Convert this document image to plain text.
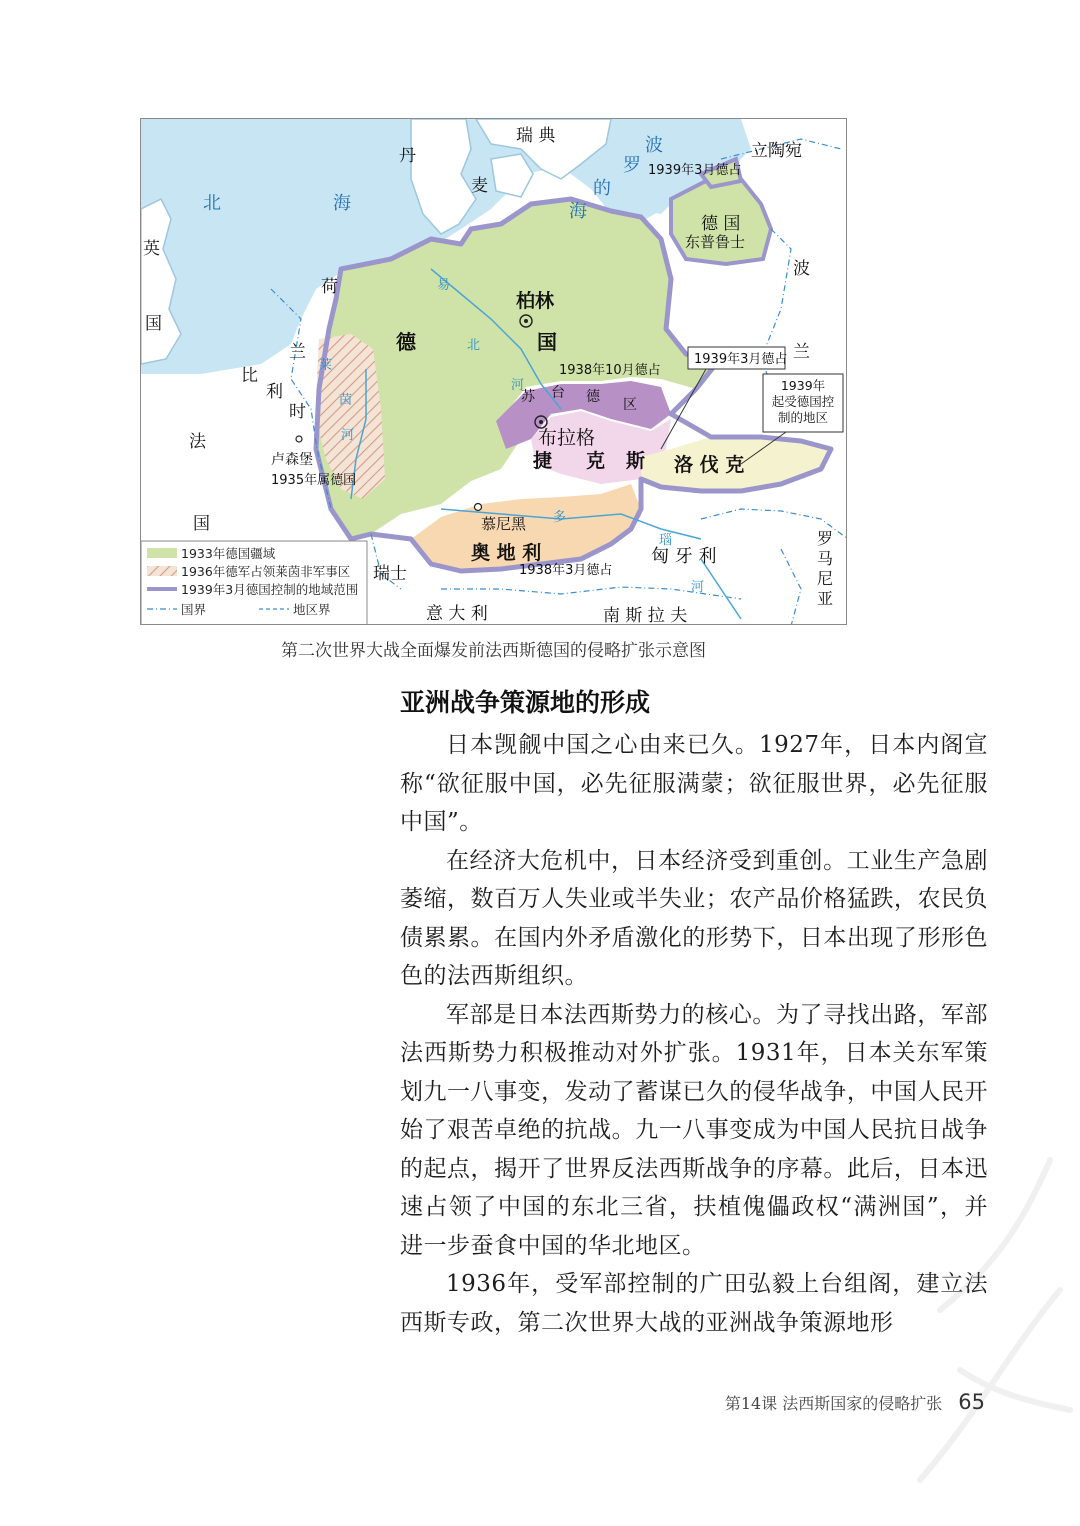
丹
麦
瑞 典
立陶宛
英
国
荷
兰
比
利
时
法
国
波
兰
德 国
东普鲁士
德	国
柏林
布拉格
捷 克 斯 洛 伐 克
奥 地 利	匈 牙 利
瑞士
意 大 利	南 斯 拉 夫
慕尼黑
卢森堡
1935年属德国
1938年10月德占
1938年3月德占
1939年3月德占
苏 台 德 区
罗
马
尼
亚
北	海
波
罗
的
海
易
北
河
莱
茵
河
多
瑙
河
1939年3月德占
1939年
起受德国控
制的地区
1933年德国疆域
1936年德军占领莱茵非军事区
1939年3月德国控制的地域范围
国界	地区界
第二次世界大战全面爆发前法西斯德国的侵略扩张示意图
亚洲战争策源地的形成

日本觊觎中国之心由来已久。1927年，日本内阁宣称“欲征服中国，必先征服满蒙；欲征服世界，必先征服中国”。

在经济大危机中，日本经济受到重创。工业生产急剧萎缩，数百万人失业或半失业；农产品价格猛跌，农民负债累累。在国内外矛盾激化的形势下，日本出现了形形色色的法西斯组织。

军部是日本法西斯势力的核心。为了寻找出路，军部法西斯势力积极推动对外扩张。1931年，日本关东军策划九一八事变，发动了蓄谋已久的侵华战争，中国人民开始了艰苦卓绝的抗战。九一八事变成为中国人民抗日战争的起点，揭开了世界反法西斯战争的序幕。此后，日本迅速占领了中国的东北三省，扶植傀儡政权“满洲国”，并进一步蚕食中国的华北地区。

1936年，受军部控制的广田弘毅上台组阁，建立法西斯专政，第二次世界大战的亚洲战争策源地形

第14课 法西斯国家的侵略扩张 65
